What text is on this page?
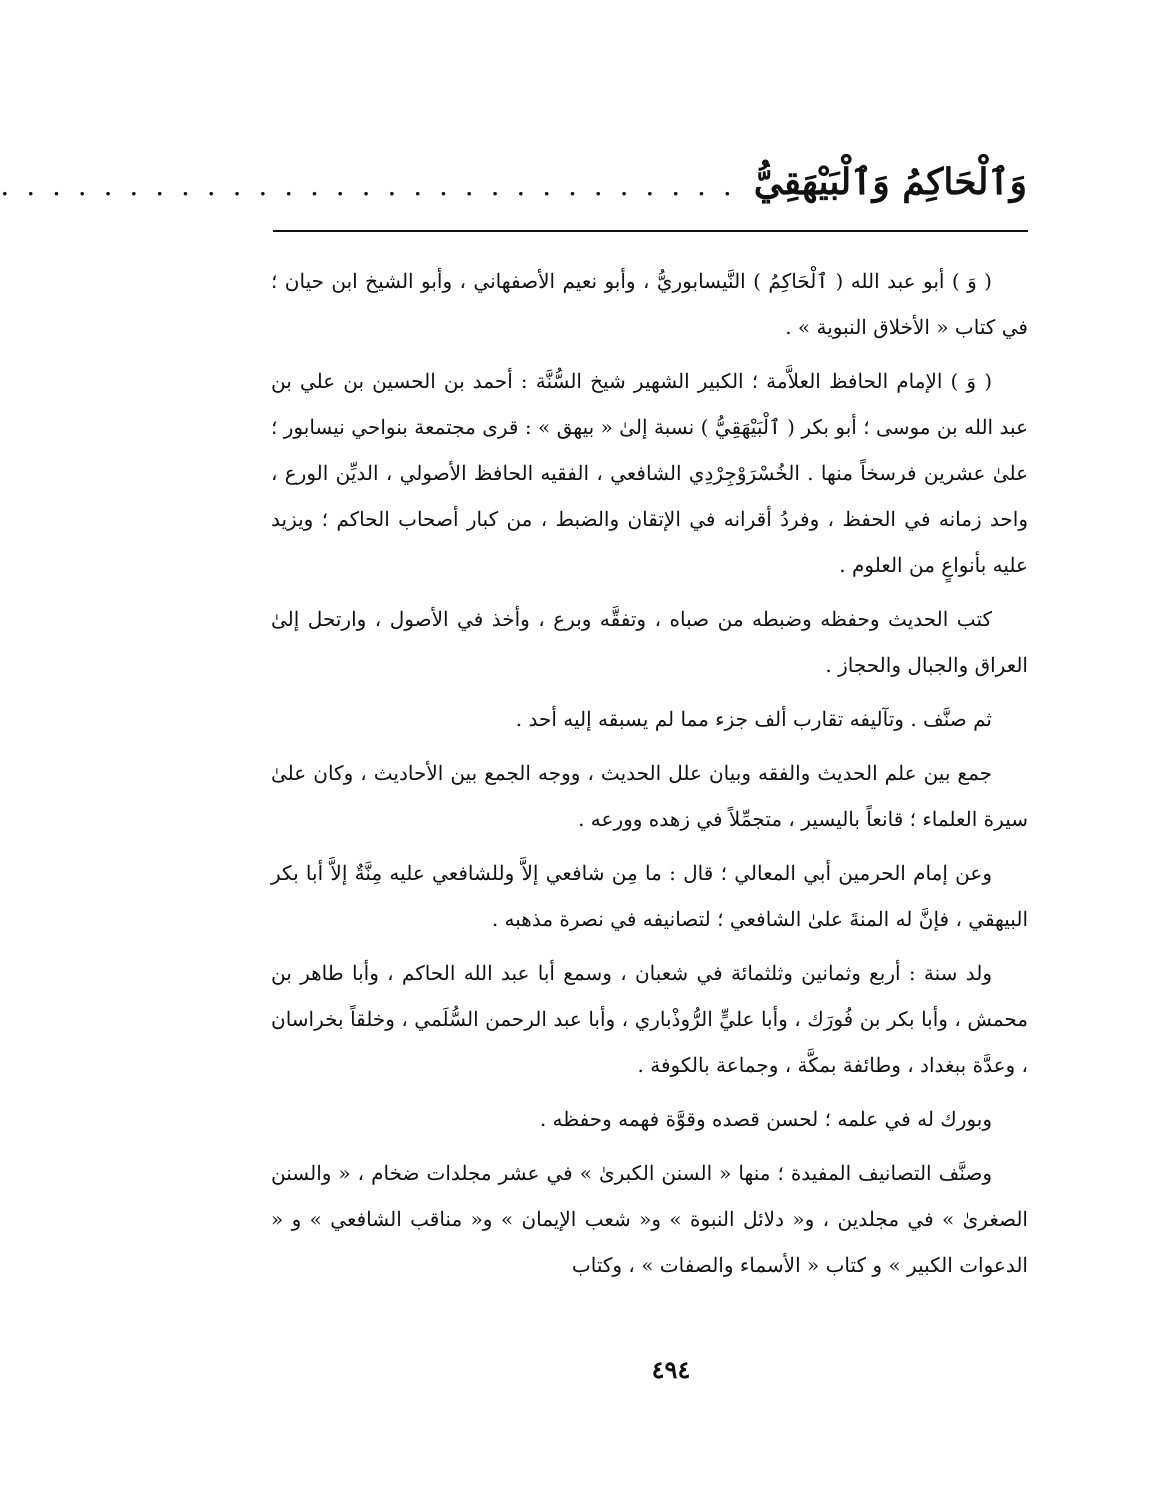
وَٱلْحَاكِمُ وَٱلْبَيْهَقِيُّ
. . . . . . . . . . . . . . . . . . . . . . . . . . . . .

( وَ ) أبو عبد الله ( ٱلْحَاكِمُ ) النَّيسابوريُّ ، وأبو نعيم الأصفهاني ، وأبو الشيخ ابن حيان ؛ في كتاب « الأخلاق النبوية » .

( وَ ) الإمام الحافظ العلاَّمة ؛ الكبير الشهير شيخ السُّنَّة : أحمد بن الحسين بن علي بن عبد الله بن موسى ؛ أبو بكر ( ٱلْبَيْهَقِيُّ ) نسبة إلىٰ « بيهق » : قرى مجتمعة بنواحي نيسابور ؛ علىٰ عشرين فرسخاً منها . الخُسْرَوْجِرْدِي الشافعي ، الفقيه الحافظ الأصولي ، الديِّن الورع ، واحد زمانه في الحفظ ، وفردُ أقرانه في الإتقان والضبط ، من كبار أصحاب الحاكم ؛ ويزيد عليه بأنواعٍ من العلوم .

كتب الحديث وحفظه وضبطه من صباه ، وتفقَّه وبرع ، وأخذ في الأصول ، وارتحل إلىٰ العراق والجبال والحجاز .

ثم صنَّف . وتآليفه تقارب ألف جزء مما لم يسبقه إليه أحد .

جمع بين علم الحديث والفقه وبيان علل الحديث ، ووجه الجمع بين الأحاديث ، وكان علىٰ سيرة العلماء ؛ قانعاً باليسير ، متجمِّلاً في زهده وورعه .

وعن إمام الحرمين أبي المعالي ؛ قال : ما مِن شافعي إلاَّ وللشافعي عليه مِنَّةٌ إلاَّ أبا بكر البيهقي ، فإنَّ له المنةَ علىٰ الشافعي ؛ لتصانيفه في نصرة مذهبه .

ولد سنة : أربع وثمانين وثلثمائة في شعبان ، وسمع أبا عبد الله الحاكم ، وأبا طاهر بن محمش ، وأبا بكر بن فُورَك ، وأبا عليٍّ الرُّوذْباري ، وأبا عبد الرحمن السُّلَمي ، وخلقاً بخراسان ، وعدَّة ببغداد ، وطائفة بمكَّة ، وجماعة بالكوفة .

وبورك له في علمه ؛ لحسن قصده وقوَّة فهمه وحفظه .

وصنَّف التصانيف المفيدة ؛ منها « السنن الكبرىٰ » في عشر مجلدات ضخام ، « والسنن الصغرىٰ » في مجلدين ، و« دلائل النبوة » و« شعب الإيمان » و« مناقب الشافعي » و « الدعوات الكبير » و كتاب « الأسماء والصفات » ، وكتاب

٤٩٤
